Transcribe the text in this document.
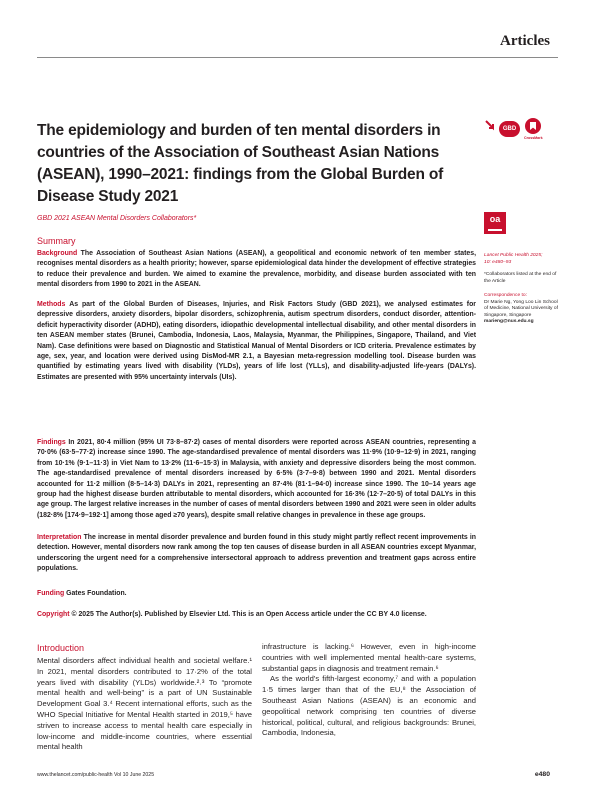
Articles
The epidemiology and burden of ten mental disorders in countries of the Association of Southeast Asian Nations (ASEAN), 1990–2021: findings from the Global Burden of Disease Study 2021
GBD
CrossMark
GBD 2021 ASEAN Mental Disorders Collaborators*	oa
Summary

Background The Association of Southeast Asian Nations (ASEAN), a geopolitical and economic network of ten member states, recognises mental disorders as a health priority; however, sparse epidemiological data hinder the development of effective strategies to reduce their prevalence and burden. We aimed to examine the prevalence, morbidity, and disease burden associated with ten mental disorders from 1990 to 2021 in the ASEAN.

Methods As part of the Global Burden of Diseases, Injuries, and Risk Factors Study (GBD 2021), we analysed estimates for depressive disorders, anxiety disorders, bipolar disorders, schizophrenia, autism spectrum disorders, conduct disorder, attention-deficit hyperactivity disorder (ADHD), eating disorders, idiopathic developmental intellectual disability, and other mental disorders in ten ASEAN member states (Brunei, Cambodia, Indonesia, Laos, Malaysia, Myanmar, the Philippines, Singapore, Thailand, and Viet Nam). Case definitions were based on Diagnostic and Statistical Manual of Mental Disorders or ICD criteria. Prevalence estimates by age, sex, year, and location were derived using DisMod-MR 2.1, a Bayesian meta-regression modelling tool. Disease burden was quantified by estimating years lived with disability (YLDs), years of life lost (YLLs), and disability-adjusted life-years (DALYs). Estimates are presented with 95% uncertainty intervals (UIs).

Findings In 2021, 80·4 million (95% UI 73·8–87·2) cases of mental disorders were reported across ASEAN countries, representing a 70·0% (63·5–77·2) increase since 1990. The age-standardised prevalence of mental disorders was 11·9% (10·9–12·9) in 2021, ranging from 10·1% (9·1–11·3) in Viet Nam to 13·2% (11·6–15·3) in Malaysia, with anxiety and depressive disorders being the most common. The age-standardised prevalence of mental disorders increased by 6·5% (3·7–9·8) between 1990 and 2021. Mental disorders accounted for 11·2 million (8·5–14·3) DALYs in 2021, representing an 87·4% (81·1–94·0) increase since 1990. The 10–14 years age group had the highest disease burden attributable to mental disorders, which accounted for 16·3% (12·7–20·5) of total DALYs in this age group. The largest relative increases in the number of cases of mental disorders between 1990 and 2021 were seen in older adults (182·8% [174·9–192·1] among those aged ≥70 years), despite small relative changes in prevalence in these age groups.

Interpretation The increase in mental disorder prevalence and burden found in this study might partly reflect recent improvements in detection. However, mental disorders now rank among the top ten causes of disease burden in all ASEAN countries except Myanmar, underscoring the urgent need for a comprehensive intersectoral approach to address prevention and treatment gaps across entire populations.

Funding Gates Foundation.

Copyright © 2025 The Author(s). Published by Elsevier Ltd. This is an Open Access article under the CC BY 4.0 license.

Lancet Public Health 2025;
10: e480–93
*Collaborators listed at the end of the Article
Correspondence to:
Dr Marie Ng, Yong Loo Lin School of Medicine, National University of Singapore, Singapore
marieng@nus.edu.sg
Introduction

Mental disorders affect individual health and societal welfare.¹ In 2021, mental disorders contributed to 17·2% of the total years lived with disability (YLDs) worldwide.²˒³ To “promote mental health and well-being” is a part of UN Sustainable Development Goal 3.⁴ Recent international efforts, such as the WHO Special Initiative for Mental Health started in 2019,⁵ have striven to increase access to mental health care especially in low-income and middle-income countries, where essential mental health

infrastructure is lacking.⁶ However, even in high-income countries with well implemented mental health-care systems, substantial gaps in diagnosis and treatment remain.⁶

As the world’s fifth-largest economy,⁷ and with a population 1·5 times larger than that of the EU,⁸ the Association of Southeast Asian Nations (ASEAN) is an economic and geopolitical network comprising ten countries of diverse historical, political, cultural, and religious backgrounds: Brunei, Cambodia, Indonesia,

www.thelancet.com/public-health Vol 10 June 2025	e480
